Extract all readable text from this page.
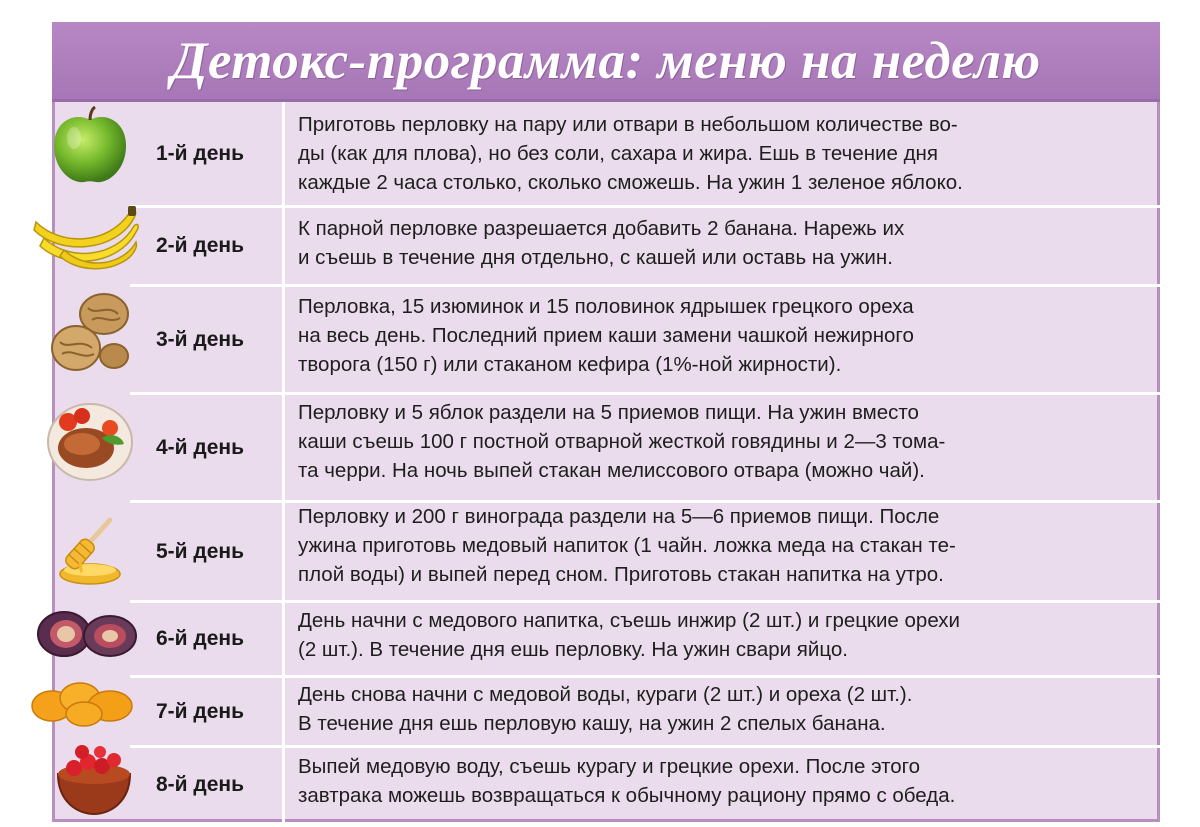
Детокс-программа: меню на неделю
1-й день
Приготовь перловку на пару или отвари в небольшом количестве во-
ды (как для плова), но без соли, сахара и жира. Ешь в течение дня
каждые 2 часа столько, сколько сможешь. На ужин 1 зеленое яблоко.
2-й день
К парной перловке разрешается добавить 2 банана. Нарежь их
и съешь в течение дня отдельно, с кашей или оставь на ужин.
3-й день
Перловка, 15 изюминок и 15 половинок ядрышек грецкого ореха
на весь день. Последний прием каши замени чашкой нежирного
творога (150 г) или стаканом кефира (1%-ной жирности).
4-й день
Перловку и 5 яблок раздели на 5 приемов пищи. На ужин вместо
каши съешь 100 г постной отварной жесткой говядины и 2—3 тома-
та черри. На ночь выпей стакан мелиссового отвара (можно чай).
5-й день
Перловку и 200 г винограда раздели на 5—6 приемов пищи. После
ужина приготовь медовый напиток (1 чайн. ложка меда на стакан те-
плой воды) и выпей перед сном. Приготовь стакан напитка на утро.
6-й день
День начни с медового напитка, съешь инжир (2 шт.) и грецкие орехи
(2 шт.). В течение дня ешь перловку. На ужин свари яйцо.
7-й день
День снова начни с медовой воды, кураги (2 шт.) и ореха (2 шт.).
В течение дня ешь перловую кашу, на ужин 2 спелых банана.
8-й день
Выпей медовую воду, съешь курагу и грецкие орехи. После этого
завтрака можешь возвращаться к обычному рациону прямо с обеда.
